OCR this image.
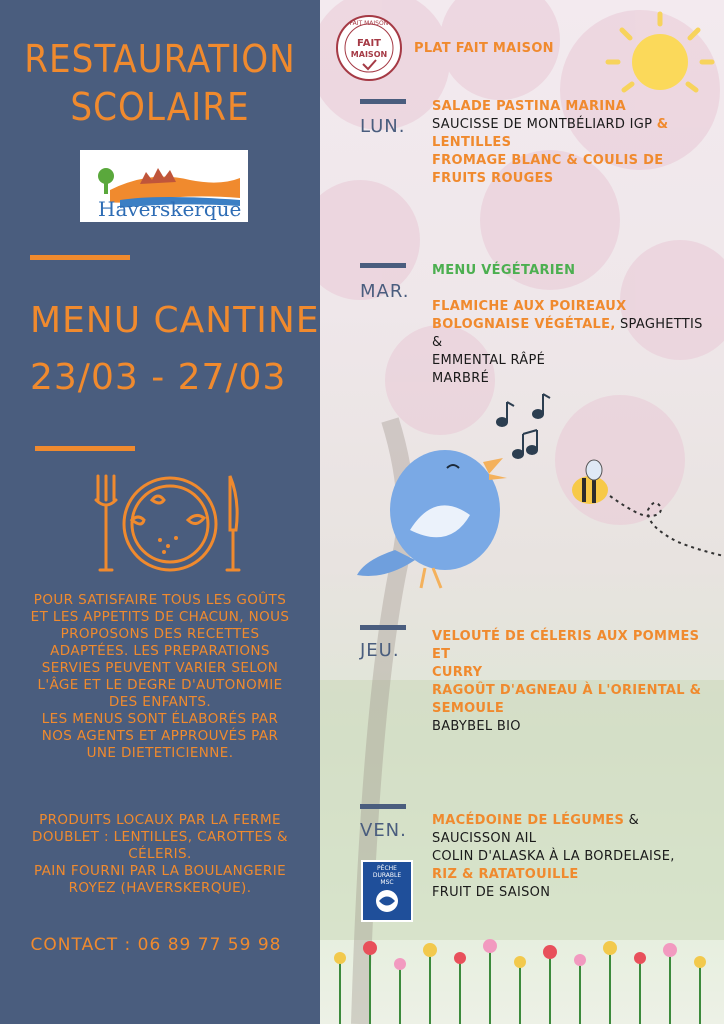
RESTAURATION
SCOLAIRE
Haverskerque
MENU CANTINE
23/03 - 27/03
POUR SATISFAIRE TOUS LES GOÛTS
ET LES APPETITS DE CHACUN, NOUS
PROPOSONS DES RECETTES
ADAPTÉES. LES PREPARATIONS
SERVIES PEUVENT VARIER SELON
L'ÂGE ET LE DEGRE D'AUTONOMIE
DES ENFANTS.
LES MENUS SONT ÉLABORÉS PAR
NOS AGENTS ET APPROUVÉS PAR
UNE DIETETICIENNE.
PRODUITS LOCAUX PAR LA FERME
DOUBLET : LENTILLES, CAROTTES &
CÉLERIS.
PAIN FOURNI PAR LA BOULANGERIE
ROYEZ (HAVERSKERQUE).
CONTACT : 06 89 77 59 98
FAIT MAISON
FAIT
MAISON PLAT FAIT MAISON
LUN.
SALADE PASTINA MARINA
SAUCISSE DE MONTBÉLIARD IGP &
LENTILLES
FROMAGE BLANC & COULIS DE
FRUITS ROUGES
MAR.
MENU VÉGÉTARIEN
FLAMICHE AUX POIREAUX
BOLOGNAISE VÉGÉTALE, SPAGHETTIS &
EMMENTAL RÂPÉ
MARBRÉ
JEU.
VELOUTÉ DE CÉLERIS AUX POMMES ET
CURRY
RAGOÛT D'AGNEAU À L'ORIENTAL &
SEMOULE
BABYBEL BIO
VEN. MACÉDOINE DE LÉGUMES &
SAUCISSON AIL
COLIN D'ALASKA À LA BORDELAISE,
RIZ & RATATOUILLE
FRUIT DE SAISON
PÊCHE
DURABLE
MSC
